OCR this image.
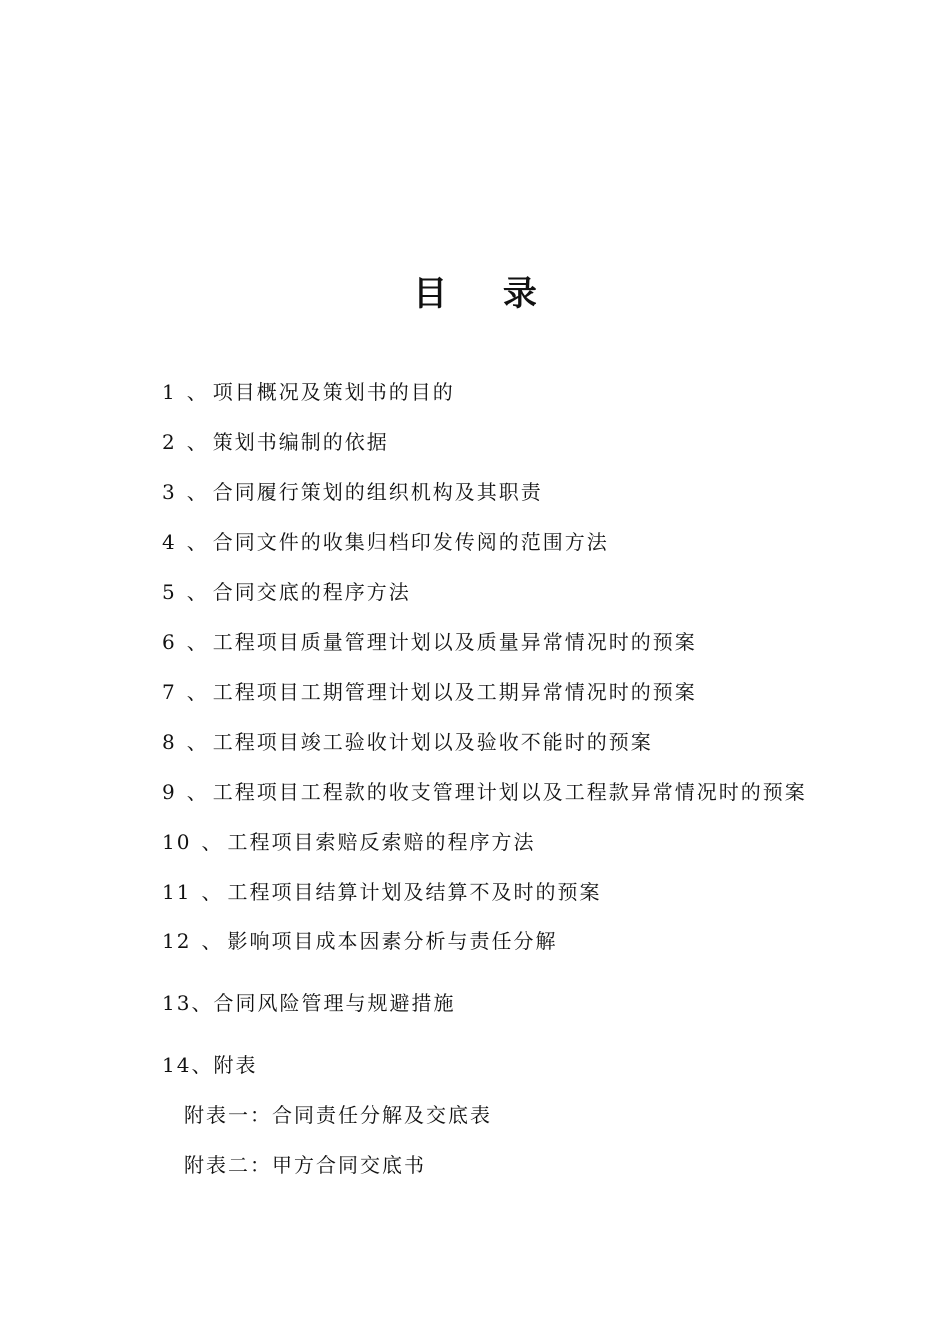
目 录
1 、 项目概况及策划书的目的
2 、 策划书编制的依据
3 、 合同履行策划的组织机构及其职责
4 、 合同文件的收集归档印发传阅的范围方法
5 、 合同交底的程序方法
6 、 工程项目质量管理计划以及质量异常情况时的预案
7 、 工程项目工期管理计划以及工期异常情况时的预案
8 、 工程项目竣工验收计划以及验收不能时的预案
9 、 工程项目工程款的收支管理计划以及工程款异常情况时的预案
10 、 工程项目索赔反索赔的程序方法
11 、 工程项目结算计划及结算不及时的预案
12 、 影响项目成本因素分析与责任分解
13、合同风险管理与规避措施
14、附表
附表一：合同责任分解及交底表
附表二：甲方合同交底书
